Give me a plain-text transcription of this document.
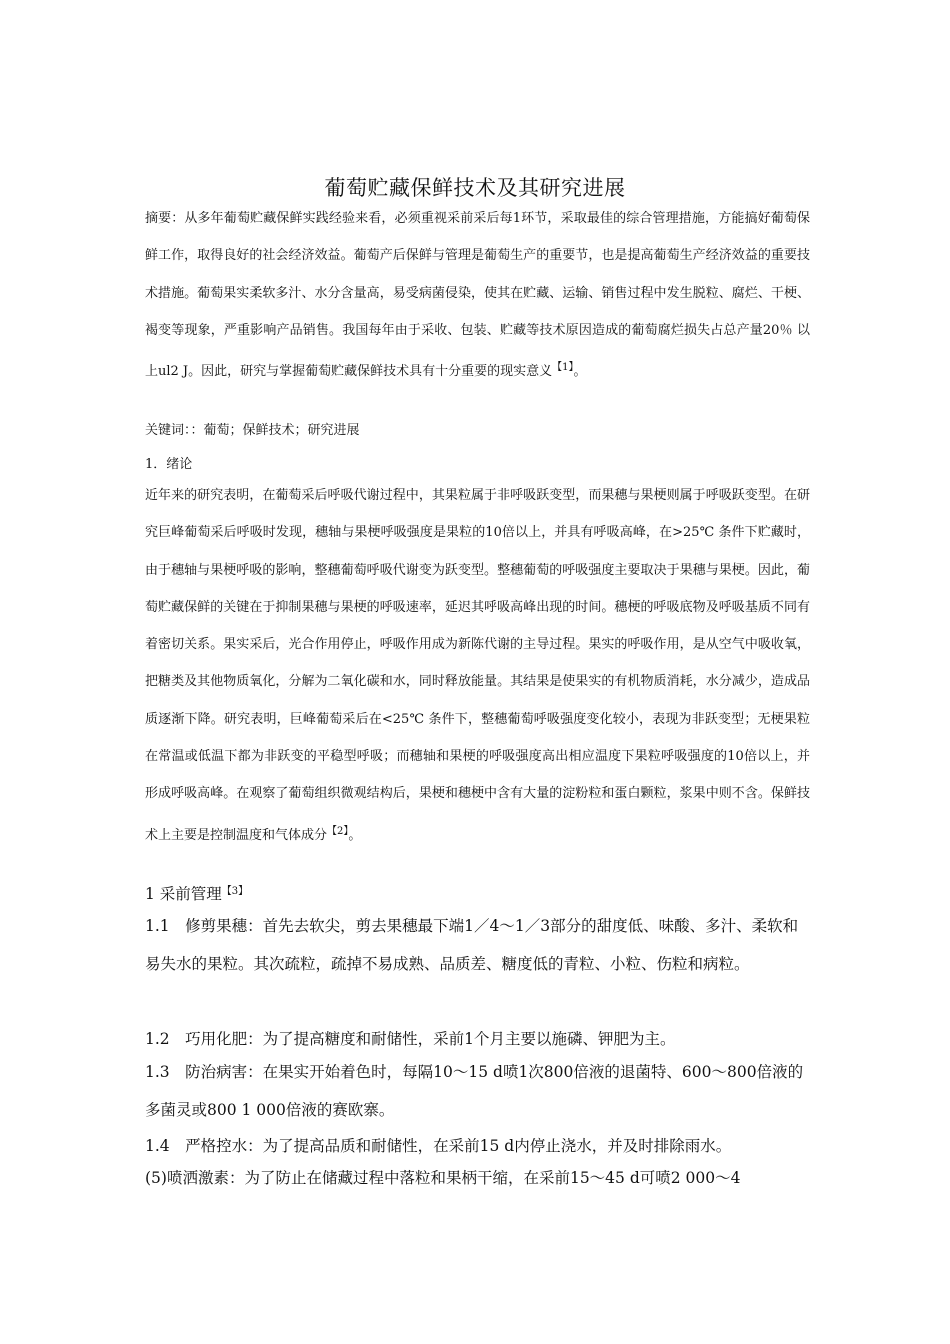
葡萄贮藏保鲜技术及其研究进展

摘要：从多年葡萄贮藏保鲜实践经验来看，必须重视采前采后每1环节，采取最佳的综合管理措施，方能搞好葡萄保鲜工作，取得良好的社会经济效益。葡萄产后保鲜与管理是葡萄生产的重要节，也是提高葡萄生产经济效益的重要技术措施。葡萄果实柔软多汁、水分含量高，易受病菌侵染，使其在贮藏、运输、销售过程中发生脱粒、腐烂、干梗、褐变等现象，严重影响产品销售。我国每年由于采收、包装、贮藏等技术原因造成的葡萄腐烂损失占总产量20％ 以上ul2 J。因此，研究与掌握葡萄贮藏保鲜技术具有十分重要的现实意义$^{【1】}$。

关键词：：葡萄；保鲜技术；研究进展

1．绪论

近年来的研究表明，在葡萄采后呼吸代谢过程中，其果粒属于非呼吸跃变型，而果穗与果梗则属于呼吸跃变型。在研究巨峰葡萄采后呼吸时发现，穗轴与果梗呼吸强度是果粒的10倍以上，并具有呼吸高峰，在>25℃ 条件下贮藏时，由于穗轴与果梗呼吸的影响，整穗葡萄呼吸代谢变为跃变型。整穗葡萄的呼吸强度主要取决于果穗与果梗。因此，葡萄贮藏保鲜的关键在于抑制果穗与果梗的呼吸速率，延迟其呼吸高峰出现的时间。穗梗的呼吸底物及呼吸基质不同有着密切关系。果实采后，光合作用停止，呼吸作用成为新陈代谢的主导过程。果实的呼吸作用，是从空气中吸收氧，把糖类及其他物质氧化，分解为二氧化碳和水，同时释放能量。其结果是使果实的有机物质消耗，水分减少，造成品质逐渐下降。研究表明，巨峰葡萄采后在<25℃ 条件下，整穗葡萄呼吸强度变化较小，表现为非跃变型；无梗果粒在常温或低温下都为非跃变的平稳型呼吸；而穗轴和果梗的呼吸强度高出相应温度下果粒呼吸强度的10倍以上，并形成呼吸高峰。在观察了葡萄组织微观结构后，果梗和穗梗中含有大量的淀粉粒和蛋白颗粒，浆果中则不含。保鲜技术上主要是控制温度和气体成分$^{【2】}$。

1 采前管理$^{【3】}$

1.1　修剪果穗：首先去软尖，剪去果穗最下端1／4～1／3部分的甜度低、味酸、多汁、柔软和易失水的果粒。其次疏粒，疏掉不易成熟、品质差、糖度低的青粒、小粒、伤粒和病粒。

1.2　巧用化肥：为了提高糖度和耐储性，采前1个月主要以施磷、钾肥为主。

1.3　防治病害：在果实开始着色时，每隔10～15 d喷1次800倍液的退菌特、600～800倍液的多菌灵或800 1 000倍液的赛欧寨。

1.4　严格控水：为了提高品质和耐储性，在采前15 d内停止浇水，并及时排除雨水。

(5)喷洒激素：为了防止在储藏过程中落粒和果柄干缩，在采前15～45 d可喷2 000～4
